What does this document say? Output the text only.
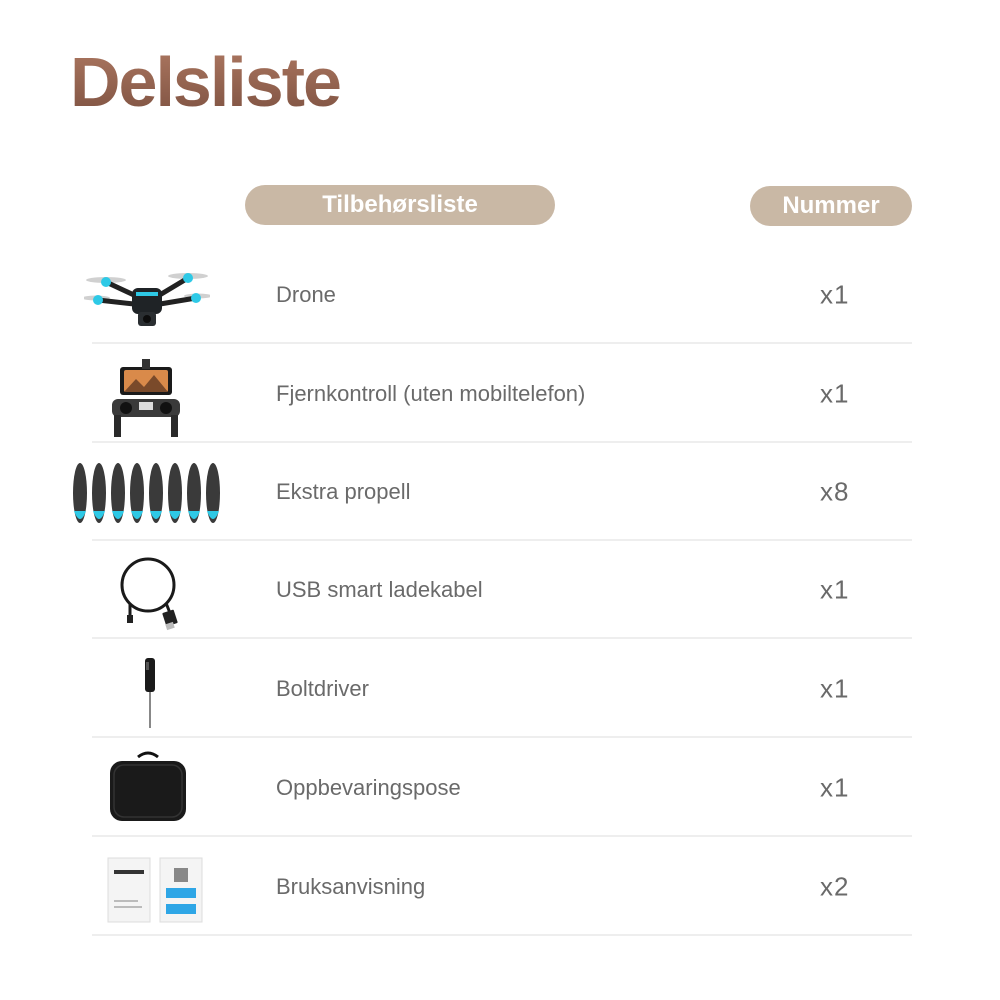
Delsliste
Tilbehørsliste	Nummer
Drone	x1
Fjernkontroll (uten mobiltelefon)	x1
Ekstra propell	x8
USB smart ladekabel	x1
Boltdriver	x1
Oppbevaringspose	x1
Bruksanvisning	x2
